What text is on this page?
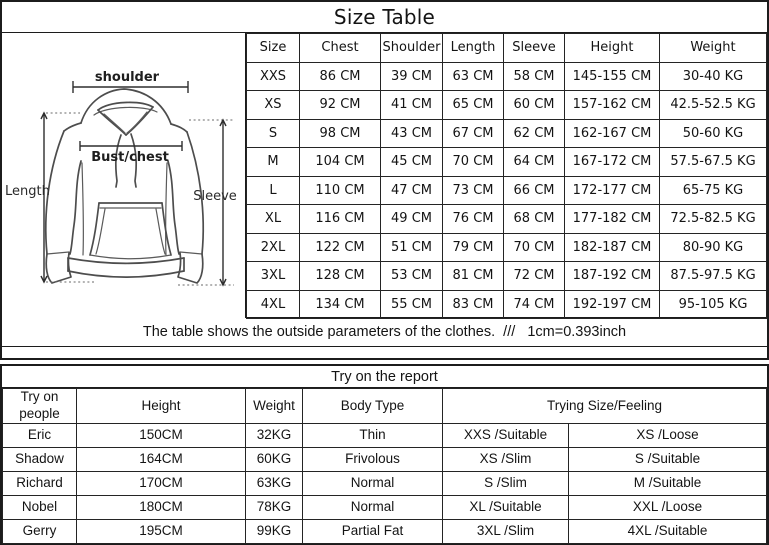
Size Table
shoulder
Bust/chest
Length	Sleeve
Size	Chest	Shoulder	Length	Sleeve	Height	Weight
XXS	86 CM	39 CM	63 CM	58 CM	145-155 CM	30-40 KG
XS	92 CM	41 CM	65 CM	60 CM	157-162 CM	42.5-52.5 KG
S	98 CM	43 CM	67 CM	62 CM	162-167 CM	50-60 KG
M	104 CM	45 CM	70 CM	64 CM	167-172 CM	57.5-67.5 KG
L	110 CM	47 CM	73 CM	66 CM	172-177 CM	65-75 KG
XL	116 CM	49 CM	76 CM	68 CM	177-182 CM	72.5-82.5 KG
2XL	122 CM	51 CM	79 CM	70 CM	182-187 CM	80-90 KG
3XL	128 CM	53 CM	81 CM	72 CM	187-192 CM	87.5-97.5 KG
4XL	134 CM	55 CM	83 CM	74 CM	192-197 CM	95-105 KG
The table shows the outside parameters of the clothes.  ///   1cm=0.393inch
Try on the report
Try on people	Height	Weight	Body Type	Trying Size/Feeling	
Eric	150CM	32KG	Thin	XXS /Suitable	XS /Loose
Shadow	164CM	60KG	Frivolous	XS /Slim	S /Suitable
Richard	170CM	63KG	Normal	S /Slim	M /Suitable
Nobel	180CM	78KG	Normal	XL /Suitable	XXL /Loose
Gerry	195CM	99KG	Partial Fat	3XL /Slim	4XL /Suitable
